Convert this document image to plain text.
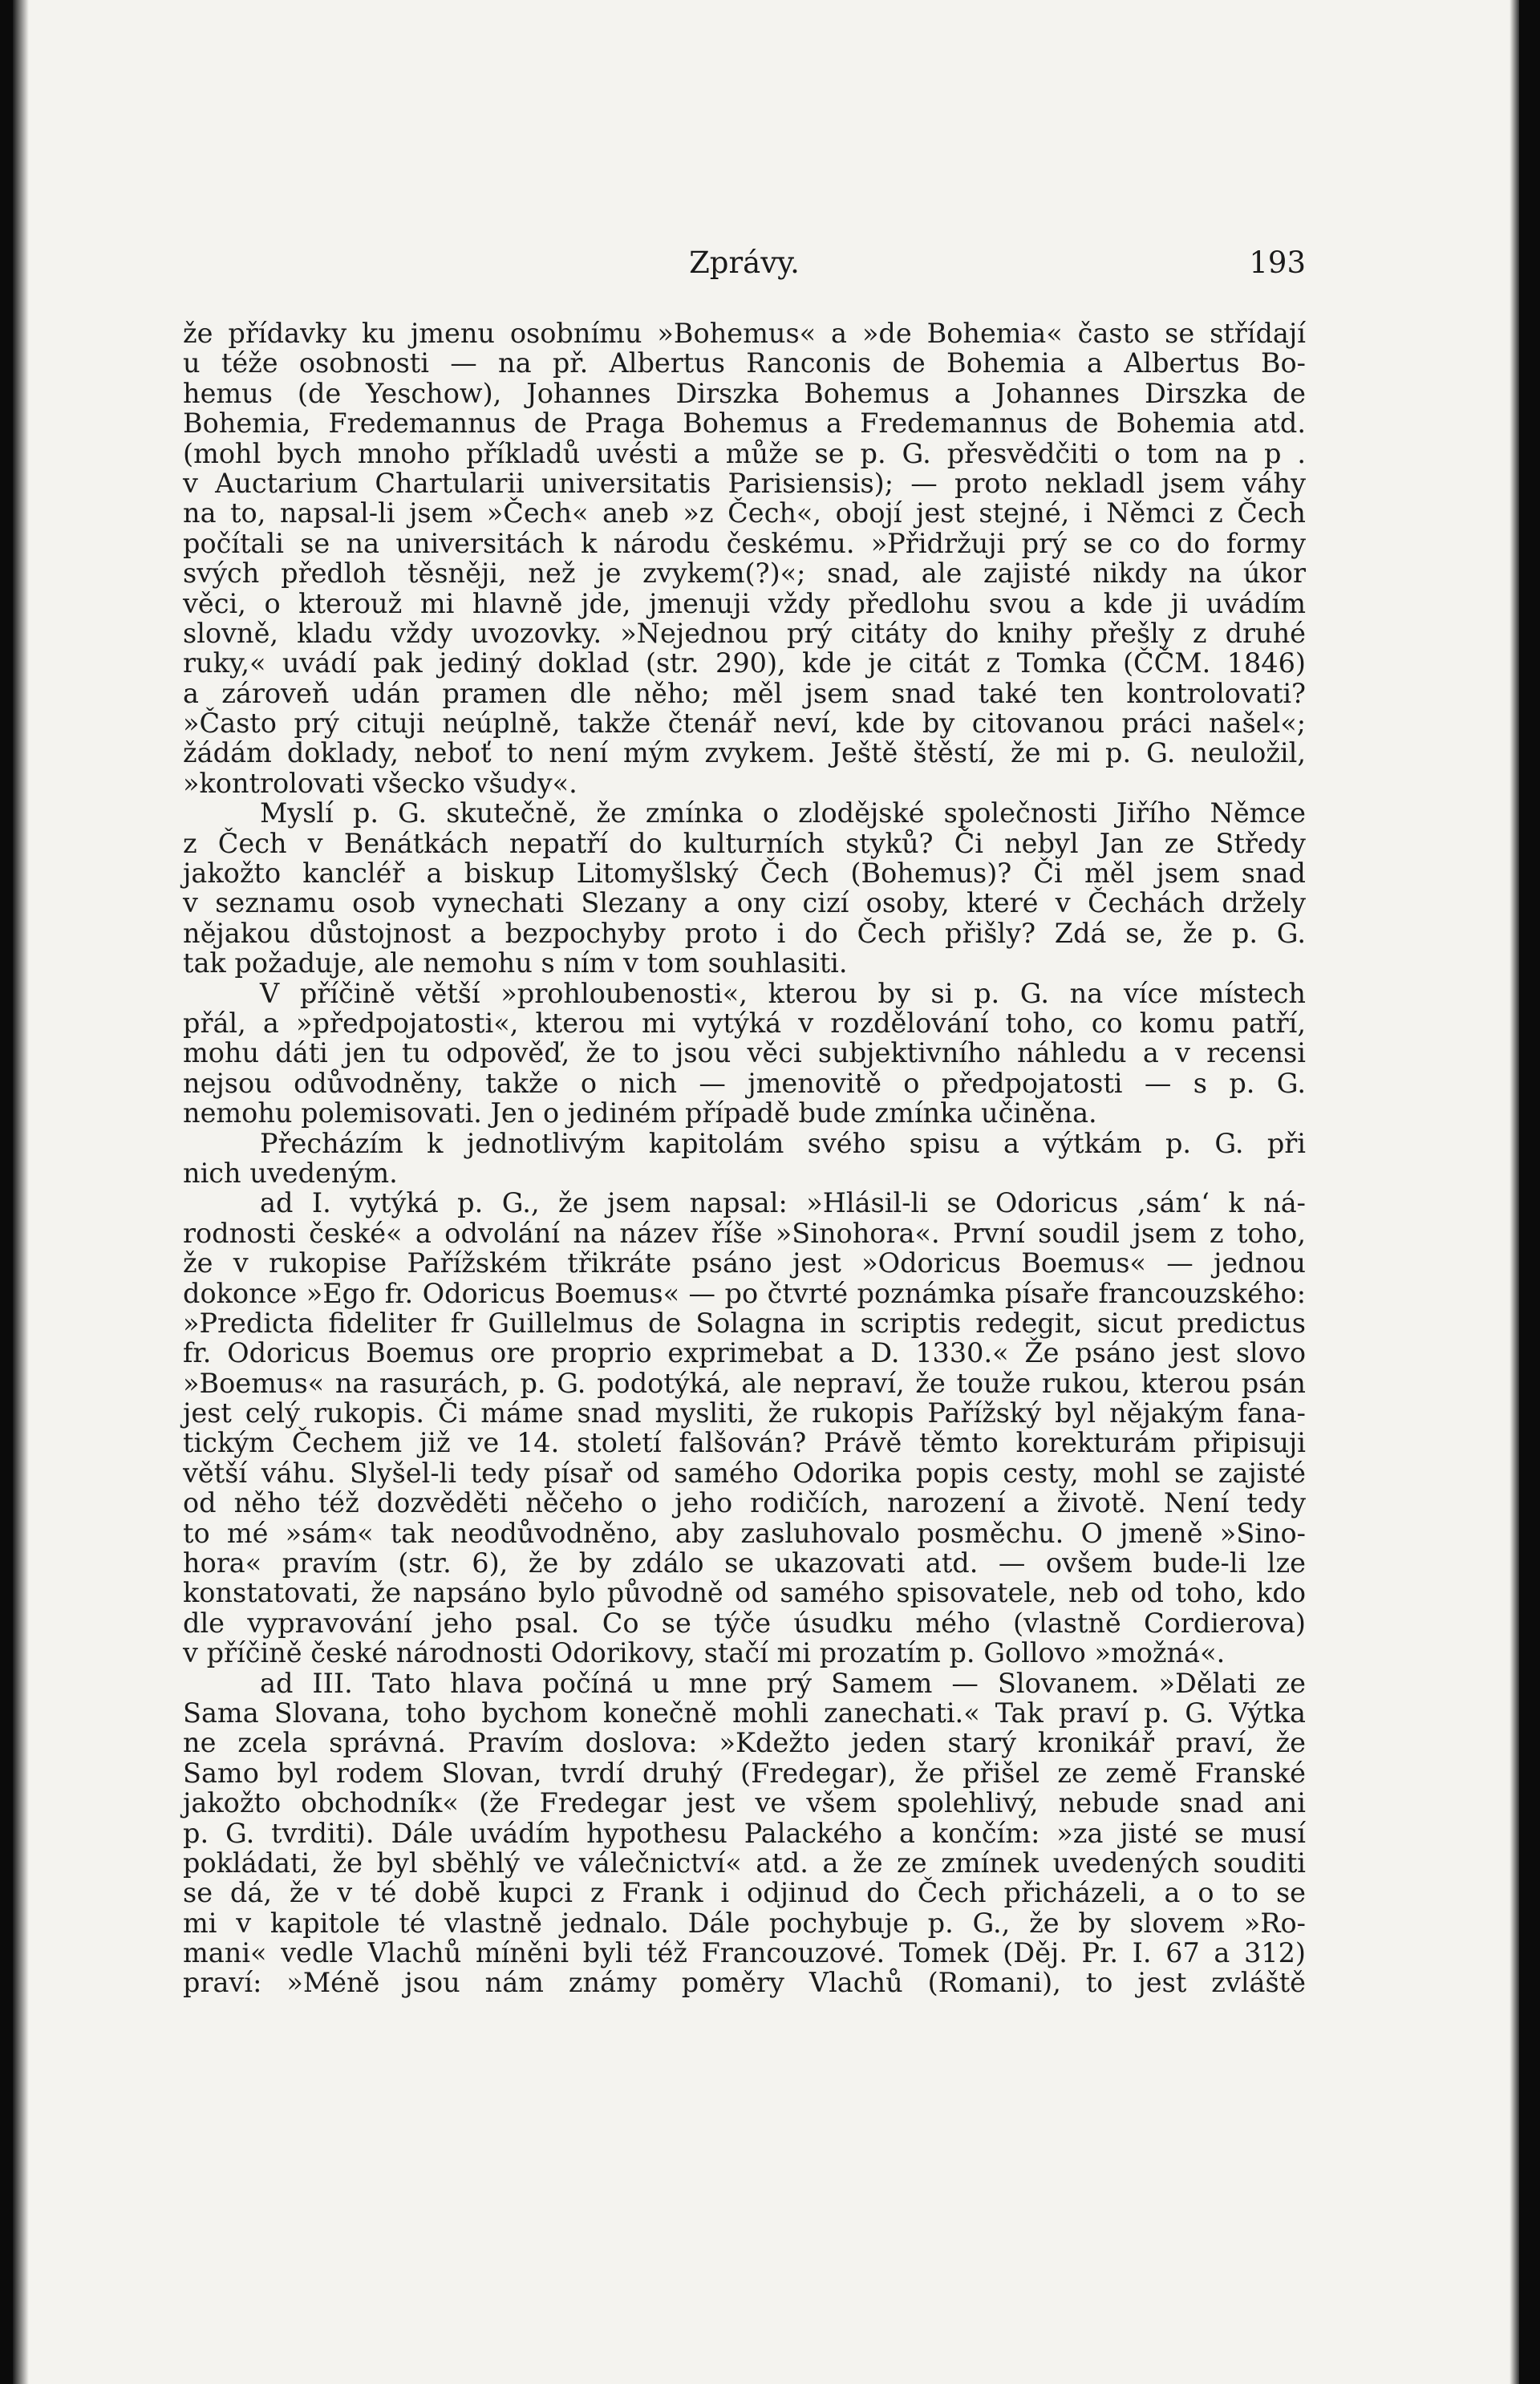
Zprávy.	193
že přídavky ku jmenu osobnímu »Bohemus« a »de Bohemia« často se střídají
u téže osobnosti — na př. Albertus Ranconis de Bohemia a Albertus Bo-
hemus (de Yeschow), Johannes Dirszka Bohemus a Johannes Dirszka de
Bohemia, Fredemannus de Praga Bohemus a Fredemannus de Bohemia atd.
(mohl bych mnoho příkladů uvésti a může se p. G. přesvědčiti o tom na p .
v Auctarium Chartularii universitatis Parisiensis); — proto nekladl jsem váhy
na to, napsal-li jsem »Čech« aneb »z Čech«, obojí jest stejné, i Němci z Čech
počítali se na universitách k národu českému. »Přidržuji prý se co do formy
svých předloh těsněji, než je zvykem(?)«; snad, ale zajisté nikdy na úkor
věci, o kterouž mi hlavně jde, jmenuji vždy předlohu svou a kde ji uvádím
slovně, kladu vždy uvozovky. »Nejednou prý citáty do knihy přešly z druhé
ruky,« uvádí pak jediný doklad (str. 290), kde je citát z Tomka (ČČM. 1846)
a zároveň udán pramen dle něho; měl jsem snad také ten kontrolovati?
»Často prý cituji neúplně, takže čtenář neví, kde by citovanou práci našel«;
žádám doklady, neboť to není mým zvykem. Ještě štěstí, že mi p. G. neuložil,
»kontrolovati všecko všudy«.
Myslí p. G. skutečně, že zmínka o zlodějské společnosti Jiřího Němce
z Čech v Benátkách nepatří do kulturních styků? Či nebyl Jan ze Středy
jakožto kancléř a biskup Litomyšlský Čech (Bohemus)? Či měl jsem snad
v seznamu osob vynechati Slezany a ony cizí osoby, které v Čechách držely
nějakou důstojnost a bezpochyby proto i do Čech přišly? Zdá se, že p. G.
tak požaduje, ale nemohu s ním v tom souhlasiti.
V příčině větší »prohloubenosti«, kterou by si p. G. na více místech
přál, a »předpojatosti«, kterou mi vytýká v rozdělování toho, co komu patří,
mohu dáti jen tu odpověď, že to jsou věci subjektivního náhledu a v recensi
nejsou odůvodněny, takže o nich — jmenovitě o předpojatosti — s p. G.
nemohu polemisovati. Jen o jediném případě bude zmínka učiněna.
Přecházím k jednotlivým kapitolám svého spisu a výtkám p. G. při
nich uvedeným.
ad I. vytýká p. G., že jsem napsal: »Hlásil-li se Odoricus ‚sám‘ k ná-
rodnosti české« a odvolání na název říše »Sinohora«. První soudil jsem z toho,
že v rukopise Pařížském třikráte psáno jest »Odoricus Boemus« — jednou
dokonce »Ego fr. Odoricus Boemus« — po čtvrté poznámka písaře francouzského:
»Predicta fideliter fr Guillelmus de Solagna in scriptis redegit, sicut predictus
fr. Odoricus Boemus ore proprio exprimebat a D. 1330.« Že psáno jest slovo
»Boemus« na rasurách, p. G. podotýká, ale nepraví, že touže rukou, kterou psán
jest celý rukopis. Či máme snad mysliti, že rukopis Pařížský byl nějakým fana-
tickým Čechem již ve 14. století falšován? Právě těmto korekturám připisuji
větší váhu. Slyšel-li tedy písař od samého Odorika popis cesty, mohl se zajisté
od něho též dozvěděti něčeho o jeho rodičích, narození a životě. Není tedy
to mé »sám« tak neodůvodněno, aby zasluhovalo posměchu. O jmeně »Sino-
hora« pravím (str. 6), že by zdálo se ukazovati atd. — ovšem bude-li lze
konstatovati, že napsáno bylo původně od samého spisovatele, neb od toho, kdo
dle vypravování jeho psal. Co se týče úsudku mého (vlastně Cordierova)
v příčině české národnosti Odorikovy, stačí mi prozatím p. Gollovo »možná«.
ad III. Tato hlava počíná u mne prý Samem — Slovanem. »Dělati ze
Sama Slovana, toho bychom konečně mohli zanechati.« Tak praví p. G. Výtka
ne zcela správná. Pravím doslova: »Kdežto jeden starý kronikář praví, že
Samo byl rodem Slovan, tvrdí druhý (Fredegar), že přišel ze země Franské
jakožto obchodník« (že Fredegar jest ve všem spolehlivý, nebude snad ani
p. G. tvrditi). Dále uvádím hypothesu Palackého a končím: »za jisté se musí
pokládati, že byl sběhlý ve válečnictví« atd. a že ze zmínek uvedených souditi
se dá, že v té době kupci z Frank i odjinud do Čech přicházeli, a o to se
mi v kapitole té vlastně jednalo. Dále pochybuje p. G., že by slovem »Ro-
mani« vedle Vlachů míněni byli též Francouzové. Tomek (Děj. Pr. I. 67 a 312)
praví: »Méně jsou nám známy poměry Vlachů (Romani), to jest zvláště
